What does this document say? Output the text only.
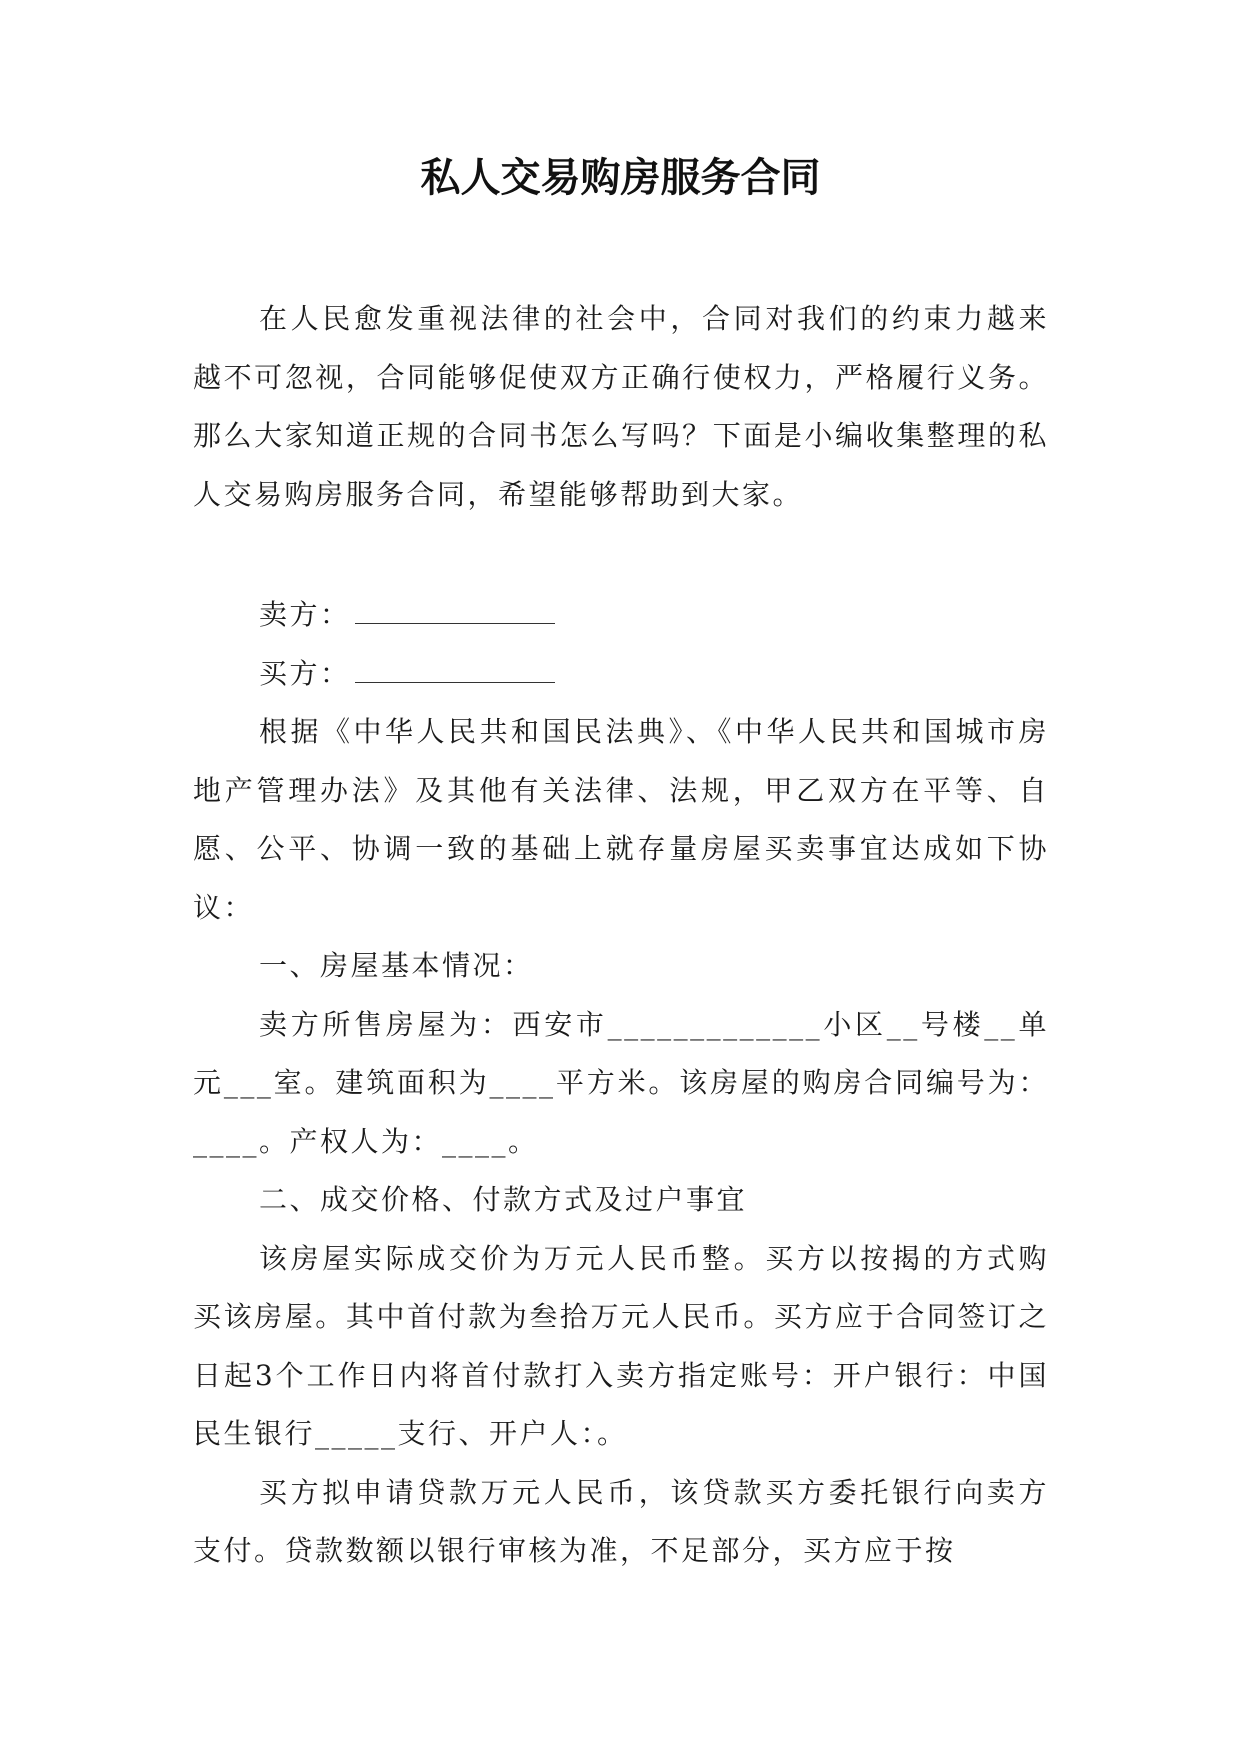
私人交易购房服务合同

在人民愈发重视法律的社会中，合同对我们的约束力越来越不可忽视，合同能够促使双方正确行使权力，严格履行义务。那么大家知道正规的合同书怎么写吗？下面是小编收集整理的私人交易购房服务合同，希望能够帮助到大家。

卖方：

买方：

根据《中华人民共和国民法典》、《中华人民共和国城市房地产管理办法》及其他有关法律、法规，甲乙双方在平等、自愿、公平、协调一致的基础上就存量房屋买卖事宜达成如下协议：

一、房屋基本情况：

卖方所售房屋为：西安市_____________小区__号楼__单元___室。建筑面积为____平方米。该房屋的购房合同编号为：____。产权人为：____。

二、成交价格、付款方式及过户事宜

该房屋实际成交价为万元人民币整。买方以按揭的方式购买该房屋。其中首付款为叁拾万元人民币。买方应于合同签订之日起3个工作日内将首付款打入卖方指定账号：开户银行：中国民生银行_____支行、开户人：。

买方拟申请贷款万元人民币，该贷款买方委托银行向卖方支付。贷款数额以银行审核为准，不足部分，买方应于按
